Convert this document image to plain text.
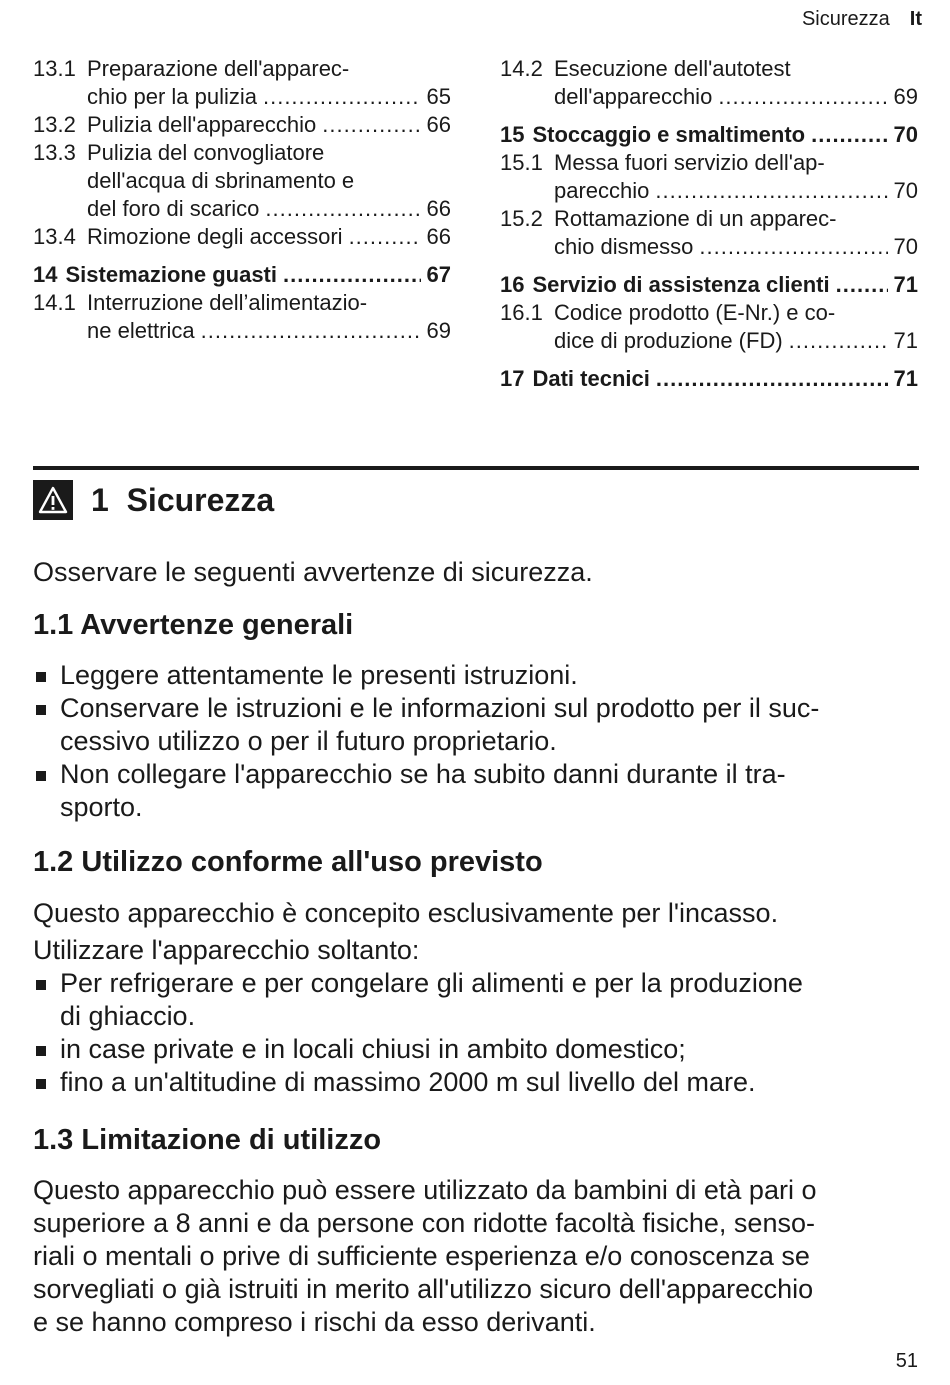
Sicurezza It
13.1 Preparazione dell'apparec-
chio per la pulizia .....	65
13.2 Pulizia dell'apparecchio .....	66
13.3 Pulizia del convogliatore
dell'acqua di sbrinamento e
del foro di scarico .....	66
13.4 Rimozione degli accessori .....	66
14 Sistemazione guasti .....	67
14.1 Interruzione dell’alimentazio-
ne elettrica .....	69
14.2 Esecuzione dell'autotest
dell'apparecchio .....	69
15 Stoccaggio e smaltimento .....	70
15.1 Messa fuori servizio dell'ap-
parecchio .....	70
15.2 Rottamazione di un apparec-
chio dismesso .....	70
16 Servizio di assistenza clienti .....	71
16.1 Codice prodotto (E-Nr.) e co-
dice di produzione (FD) .....	71
17 Dati tecnici .....	71
1 Sicurezza
Osservare le seguenti avvertenze di sicurezza.
1.1 Avvertenze generali
Leggere attentamente le presenti istruzioni.
Conservare le istruzioni e le informazioni sul prodotto per il suc-
cessivo utilizzo o per il futuro proprietario.
Non collegare l'apparecchio se ha subito danni durante il tra-
sporto.
1.2 Utilizzo conforme all'uso previsto
Questo apparecchio è concepito esclusivamente per l'incasso.
Utilizzare l'apparecchio soltanto:
Per refrigerare e per congelare gli alimenti e per la produzione
di ghiaccio.
in case private e in locali chiusi in ambito domestico;
fino a un'altitudine di massimo 2000 m sul livello del mare.
1.3 Limitazione di utilizzo
Questo apparecchio può essere utilizzato da bambini di età pari o
superiore a 8 anni e da persone con ridotte facoltà fisiche, senso-
riali o mentali o prive di sufficiente esperienza e/o conoscenza se
sorvegliati o già istruiti in merito all'utilizzo sicuro dell'apparecchio
e se hanno compreso i rischi da esso derivanti.
51
